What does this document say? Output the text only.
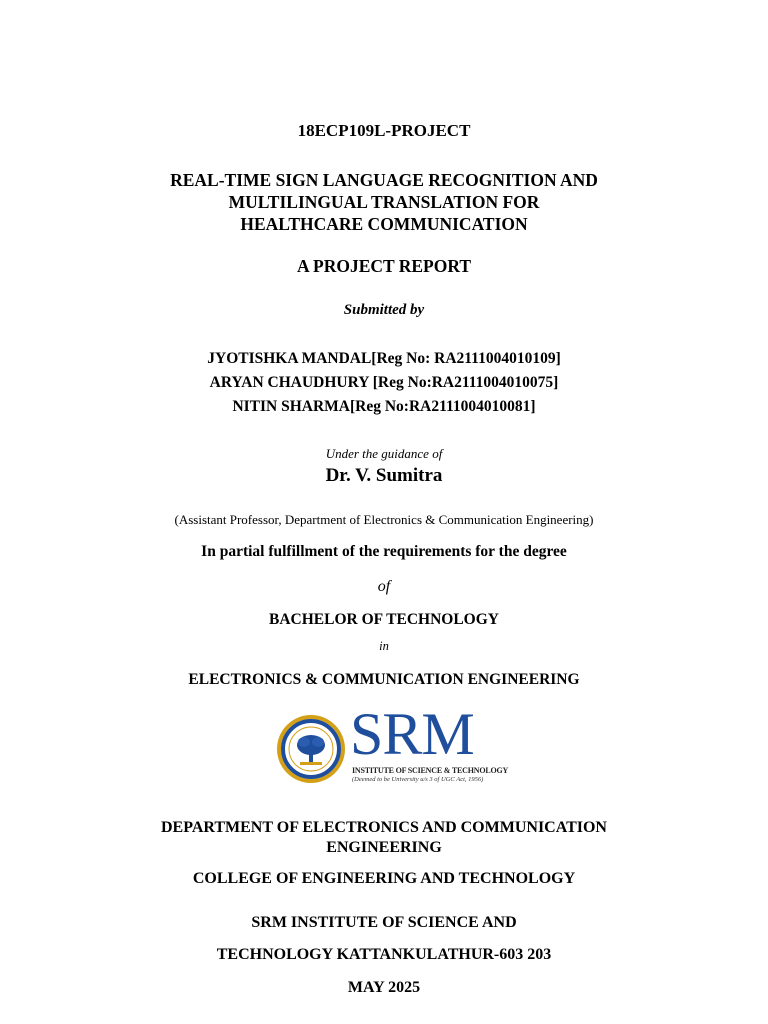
18ECP109L-PROJECT
REAL-TIME SIGN LANGUAGE RECOGNITION AND
MULTILINGUAL TRANSLATION FOR
HEALTHCARE COMMUNICATION
A PROJECT REPORT
Submitted by
JYOTISHKA MANDAL[Reg No: RA2111004010109]
ARYAN CHAUDHURY [Reg No:RA2111004010075]
NITIN SHARMA[Reg No:RA2111004010081]
Under the guidance of
Dr. V. Sumitra
(Assistant Professor, Department of Electronics & Communication Engineering)
In partial fulfillment of the requirements for the degree
of
BACHELOR OF TECHNOLOGY
in
ELECTRONICS & COMMUNICATION ENGINEERING
SRM
INSTITUTE OF SCIENCE & TECHNOLOGY
(Deemed to be University u/s 3 of UGC Act, 1956)
DEPARTMENT OF ELECTRONICS AND COMMUNICATION
ENGINEERING
COLLEGE OF ENGINEERING AND TECHNOLOGY
SRM INSTITUTE OF SCIENCE AND
TECHNOLOGY KATTANKULATHUR-603 203
MAY 2025
